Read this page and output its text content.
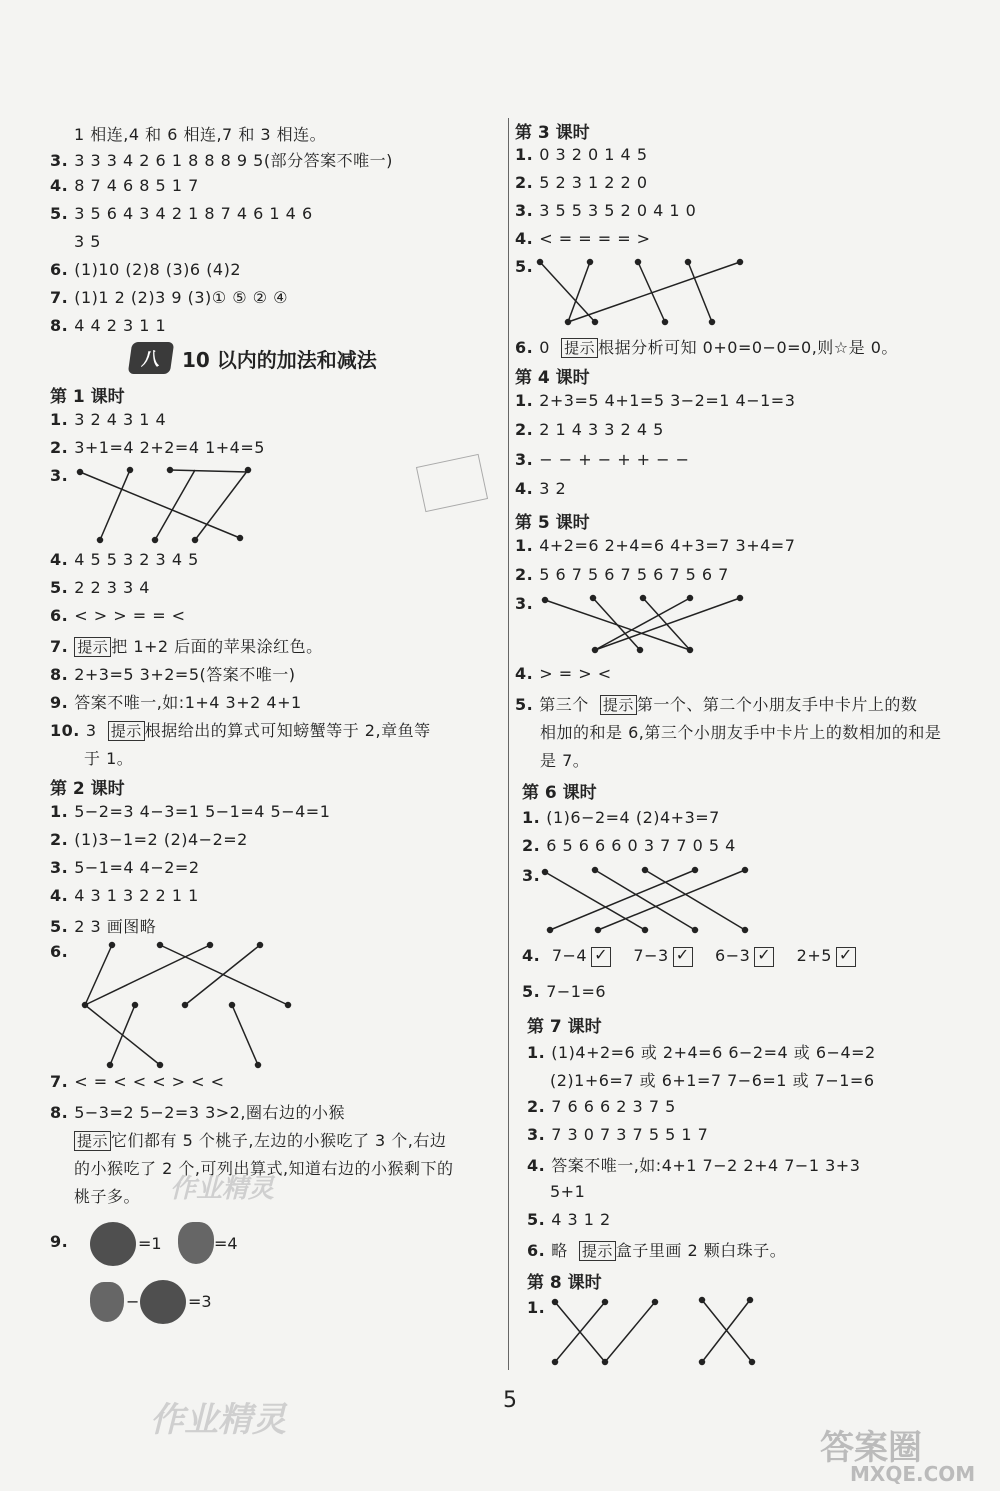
1 相连,4 和 6 相连,7 和 3 相连。
3. 3 3 3 4 2 6 1 8 8 8 9 5(部分答案不唯一)
4. 8 7 4 6 8 5 1 7
5. 3 5 6 4 3 4 2 1 8 7 4 6 1 4 6
3 5
6. (1)10 (2)8 (3)6 (4)2
7. (1)1 2 (2)3 9 (3)① ⑤ ② ④
8. 4 4 2 3 1 1
八	10 以内的加法和减法
第 1 课时
1. 3 2 4 3 1 4
2. 3+1=4 2+2=4 1+4=5
3.
4. 4 5 5 3 2 3 4 5
5. 2 2 3 3 4
6. < > > = = <
7. 提示 把 1+2 后面的苹果涂红色。
8. 2+3=5 3+2=5(答案不唯一)
9. 答案不唯一,如:1+4 3+2 4+1
10. 3 提示 根据给出的算式可知螃蟹等于 2,章鱼等
于 1。
第 2 课时
1. 5−2=3 4−3=1 5−1=4 5−4=1
2. (1)3−1=2 (2)4−2=2
3. 5−1=4 4−2=2
4. 4 3 1 3 2 2 1 1
5. 2 3 画图略
6.
7. < = < < < > < <
8. 5−3=2 5−2=3 3>2,圈右边的小猴
提示 它们都有 5 个桃子,左边的小猴吃了 3 个,右边
的小猴吃了 2 个,可列出算式,知道右边的小猴剩下的
桃子多。 作业精灵
9.	=1	=4
−	=3
作业精灵
第 3 课时
1. 0 3 2 0 1 4 5
2. 5 2 3 1 2 2 0
3. 3 5 5 3 5 2 0 4 1 0
4. < = = = = >
5.
6. 0 提示 根据分析可知 0+0=0−0=0,则☆是 0。
第 4 课时
1. 2+3=5 4+1=5 3−2=1 4−1=3
2. 2 1 4 3 3 2 4 5
3. − − + − + + − −
4. 3 2
第 5 课时
1. 4+2=6 2+4=6 4+3=7 3+4=7
2. 5 6 7 5 6 7 5 6 7 5 6 7
3.
4. > = > <
5. 第三个 提示 第一个、第二个小朋友手中卡片上的数
相加的和是 6,第三个小朋友手中卡片上的数相加的和是
是 7。
第 6 课时
1. (1)6−2=4 (2)4+3=7
2. 6 5 6 6 6 0 3 7 7 0 5 4
3.
4. 7−4 ✓	7−3 ✓	6−3 ✓	2+5✓
5. 7−1=6
第 7 课时
1. (1)4+2=6 或 2+4=6 6−2=4 或 6−4=2
(2)1+6=7 或 6+1=7 7−6=1 或 7−1=6
2. 7 6 6 6 2 3 7 5
3. 7 3 0 7 3 7 5 5 1 7
4. 答案不唯一,如:4+1 7−2 2+4 7−1 3+3
5+1
5. 4 3 1 2
6. 略 提示 盒子里画 2 颗白珠子。
第 8 课时
1.
5
答案圈
MXQE.COM
